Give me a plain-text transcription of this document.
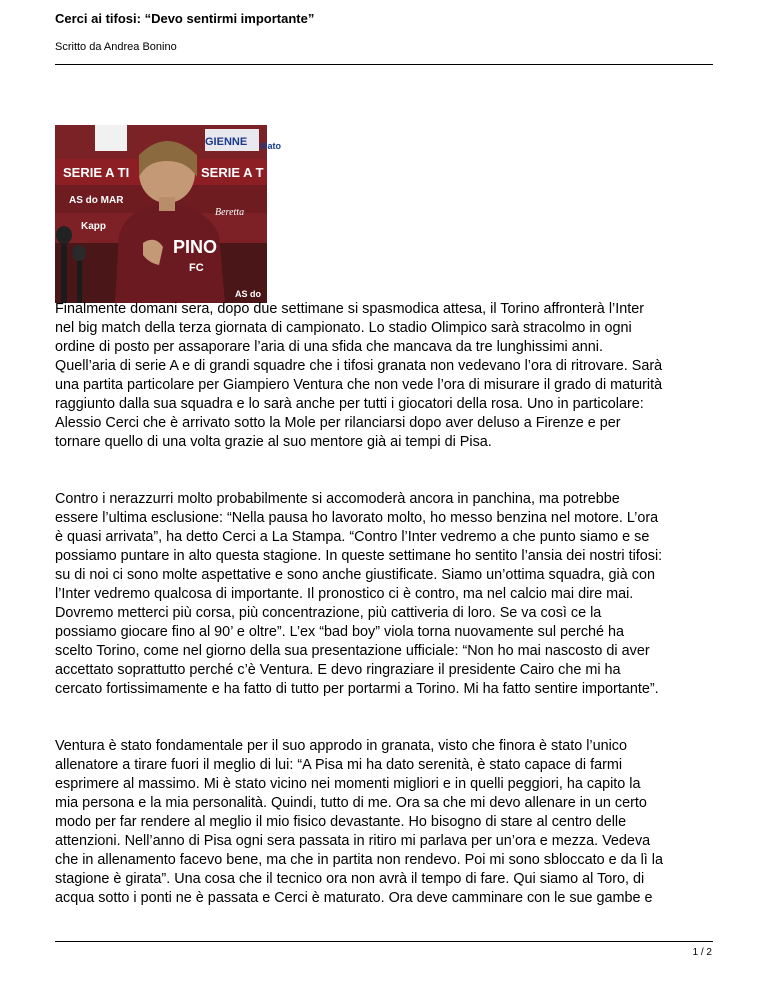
Cerci ai tifosi: “Devo sentirmi importante”
Scritto da Andrea Bonino
SERIE A TI	SERIE A T
AS do MAR
Beretta
Kapp
GIENNE Mato
AS do
PINO
FC

Finalmente domani sera, dopo due settimane si spasmodica attesa, il Torino affronterà l’Inter
nel big match della terza giornata di campionato. Lo stadio Olimpico sarà stracolmo in ogni
ordine di posto per assaporare l’aria di una sfida che mancava da tre lunghissimi anni.
Quell’aria di serie A e di grandi squadre che i tifosi granata non vedevano l’ora di ritrovare. Sarà
una partita particolare per Giampiero Ventura che non vede l’ora di misurare il grado di maturità
raggiunto dalla sua squadra e lo sarà anche per tutti i giocatori della rosa. Uno in particolare:
Alessio Cerci che è arrivato sotto la Mole per rilanciarsi dopo aver deluso a Firenze e per
tornare quello di una volta grazie al suo mentore già ai tempi di Pisa.

Contro i nerazzurri molto probabilmente si accomoderà ancora in panchina, ma potrebbe
essere l’ultima esclusione: “Nella pausa ho lavorato molto, ho messo benzina nel motore. L’ora
è quasi arrivata”, ha detto Cerci a La Stampa. “Contro l’Inter vedremo a che punto siamo e se
possiamo puntare in alto questa stagione. In queste settimane ho sentito l’ansia dei nostri tifosi:
su di noi ci sono molte aspettative e sono anche giustificate. Siamo un’ottima squadra, già con
l’Inter vedremo qualcosa di importante. Il pronostico ci è contro, ma nel calcio mai dire mai.
Dovremo metterci più corsa, più concentrazione, più cattiveria di loro. Se va così ce la
possiamo giocare fino al 90’ e oltre”. L’ex “bad boy” viola torna nuovamente sul perché ha
scelto Torino, come nel giorno della sua presentazione ufficiale: “Non ho mai nascosto di aver
accettato soprattutto perché c’è Ventura. E devo ringraziare il presidente Cairo che mi ha
cercato fortissimamente e ha fatto di tutto per portarmi a Torino. Mi ha fatto sentire importante”.

Ventura è stato fondamentale per il suo approdo in granata, visto che finora è stato l’unico
allenatore a tirare fuori il meglio di lui: “A Pisa mi ha dato serenità, è stato capace di farmi
esprimere al massimo. Mi è stato vicino nei momenti migliori e in quelli peggiori, ha capito la
mia persona e la mia personalità. Quindi, tutto di me. Ora sa che mi devo allenare in un certo
modo per far rendere al meglio il mio fisico devastante. Ho bisogno di stare al centro delle
attenzioni. Nell’anno di Pisa ogni sera passata in ritiro mi parlava per un’ora e mezza. Vedeva
che in allenamento facevo bene, ma che in partita non rendevo. Poi mi sono sbloccato e da lì la
stagione è girata”. Una cosa che il tecnico ora non avrà il tempo di fare. Qui siamo al Toro, di
acqua sotto i ponti ne è passata e Cerci è maturato. Ora deve camminare con le sue gambe e

1 / 2
